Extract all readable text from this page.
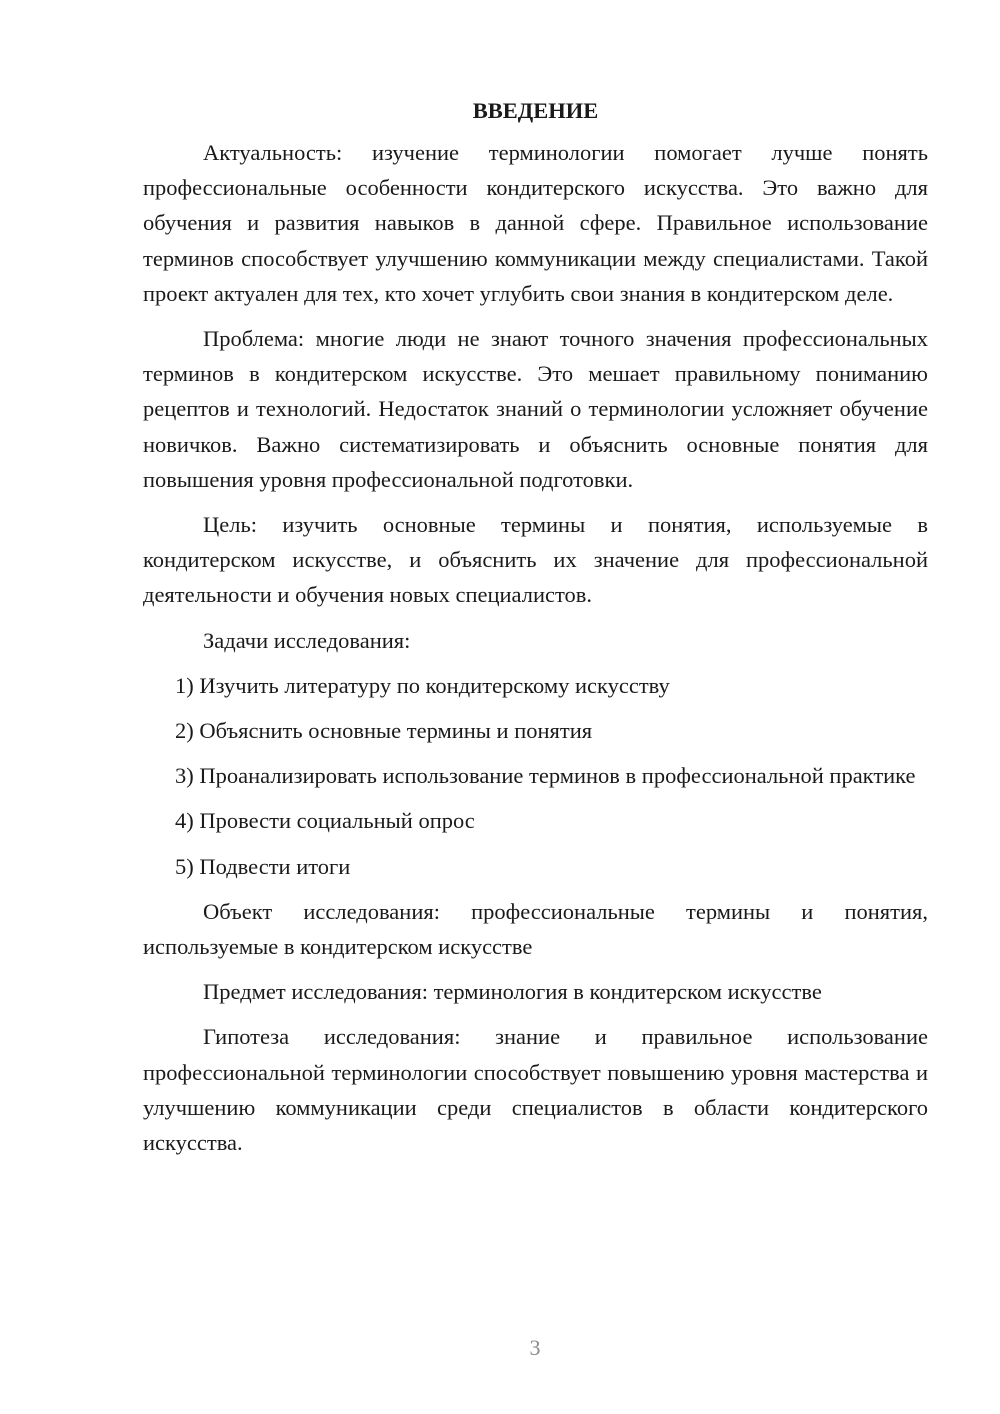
ВВЕДЕНИЕ

Актуальность: изучение терминологии помогает лучше понять профессиональные особенности кондитерского искусства. Это важно для обучения и развития навыков в данной сфере. Правильное использование терминов способствует улучшению коммуникации между специалистами. Такой проект актуален для тех, кто хочет углубить свои знания в кондитерском деле.

Проблема: многие люди не знают точного значения профессиональных терминов в кондитерском искусстве. Это мешает правильному пониманию рецептов и технологий. Недостаток знаний о терминологии усложняет обучение новичков. Важно систематизировать и объяснить основные понятия для повышения уровня профессиональной подготовки.

Цель: изучить основные термины и понятия, используемые в кондитерском искусстве, и объяснить их значение для профессиональной деятельности и обучения новых специалистов.

Задачи исследования:

1) Изучить литературу по кондитерскому искусству

2) Объяснить основные термины и понятия

3) Проанализировать использование терминов в профессиональной практике

4) Провести социальный опрос

5) Подвести итоги

Объект исследования: профессиональные термины и понятия, используемые в кондитерском искусстве

Предмет исследования: терминология в кондитерском искусстве

Гипотеза исследования: знание и правильное использование профессиональной терминологии способствует повышению уровня мастерства и улучшению коммуникации среди специалистов в области кондитерского искусства.

3
